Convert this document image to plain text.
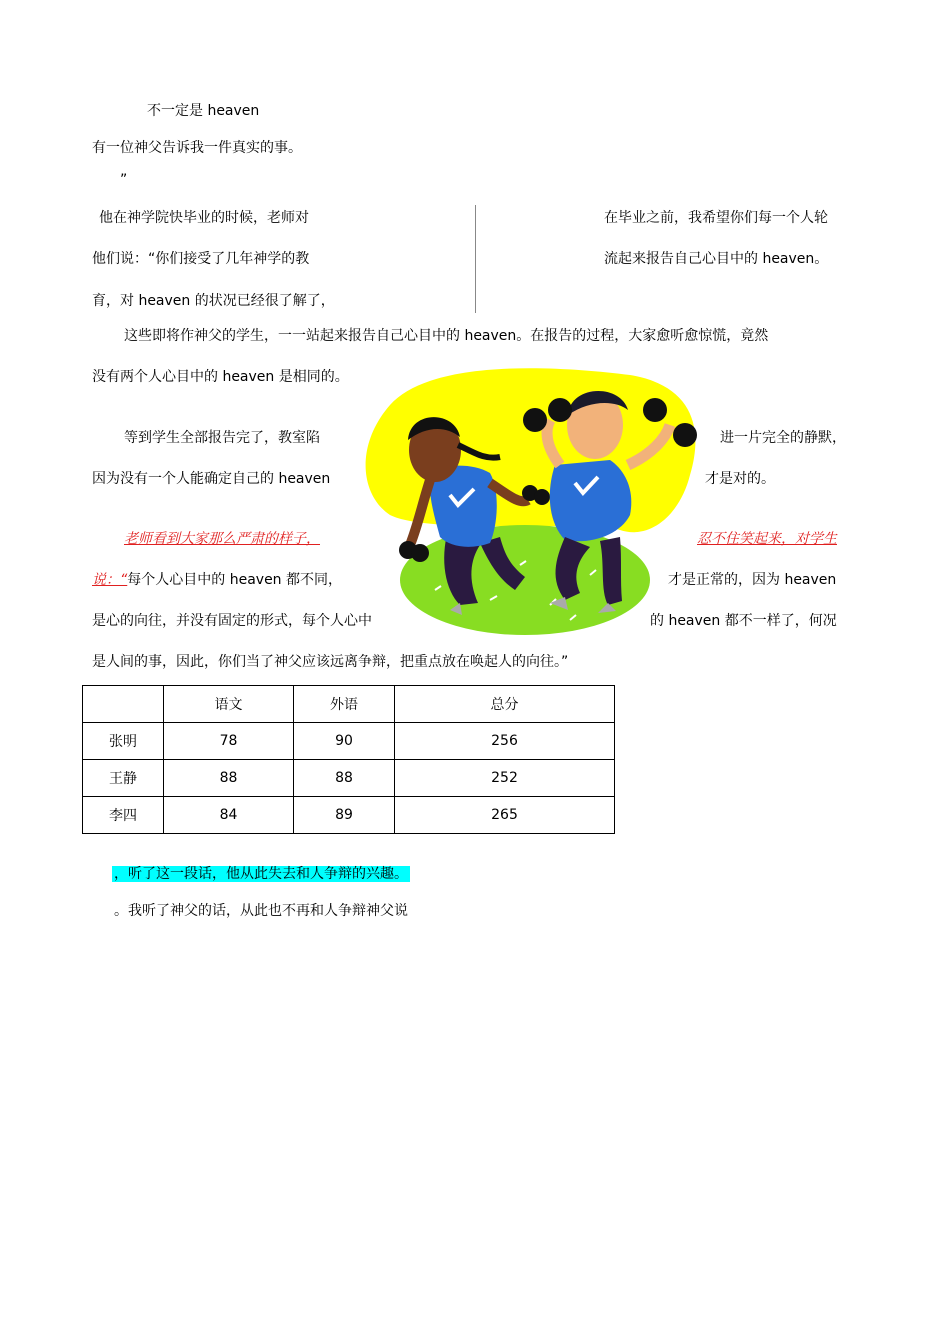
不一定是 heaven
有一位神父告诉我一件真实的事。
”
他在神学院快毕业的时候，老师对
他们说：“你们接受了几年神学的教
育，对 heaven 的状况已经很了解了，
在毕业之前，我希望你们每一个人轮
流起来报告自己心目中的 heaven。
这些即将作神父的学生，一一站起来报告自己心目中的 heaven。在报告的过程，大家愈听愈惊慌，竟然
没有两个人心目中的 heaven 是相同的。
等到学生全部报告完了，教室陷	进一片完全的静默，
因为没有一个人能确定自己的 heaven	才是对的。
老师看到大家那么严肃的样子，	忍不住笑起来，对学生
说：“每个人心目中的 heaven 都不同，	才是正常的，因为 heaven
是心的向往，并没有固定的形式，每个人心中	的 heaven 都不一样了，何况
是人间的事，因此，你们当了神父应该远离争辩，把重点放在唤起人的向往。”
	语文	外语	总分
张明	78	90	256
王静	88	88	252
李四	84	89	265
，听了这一段话，他从此失去和人争辩的兴趣。
。我听了神父的话，从此也不再和人争辩神父说
